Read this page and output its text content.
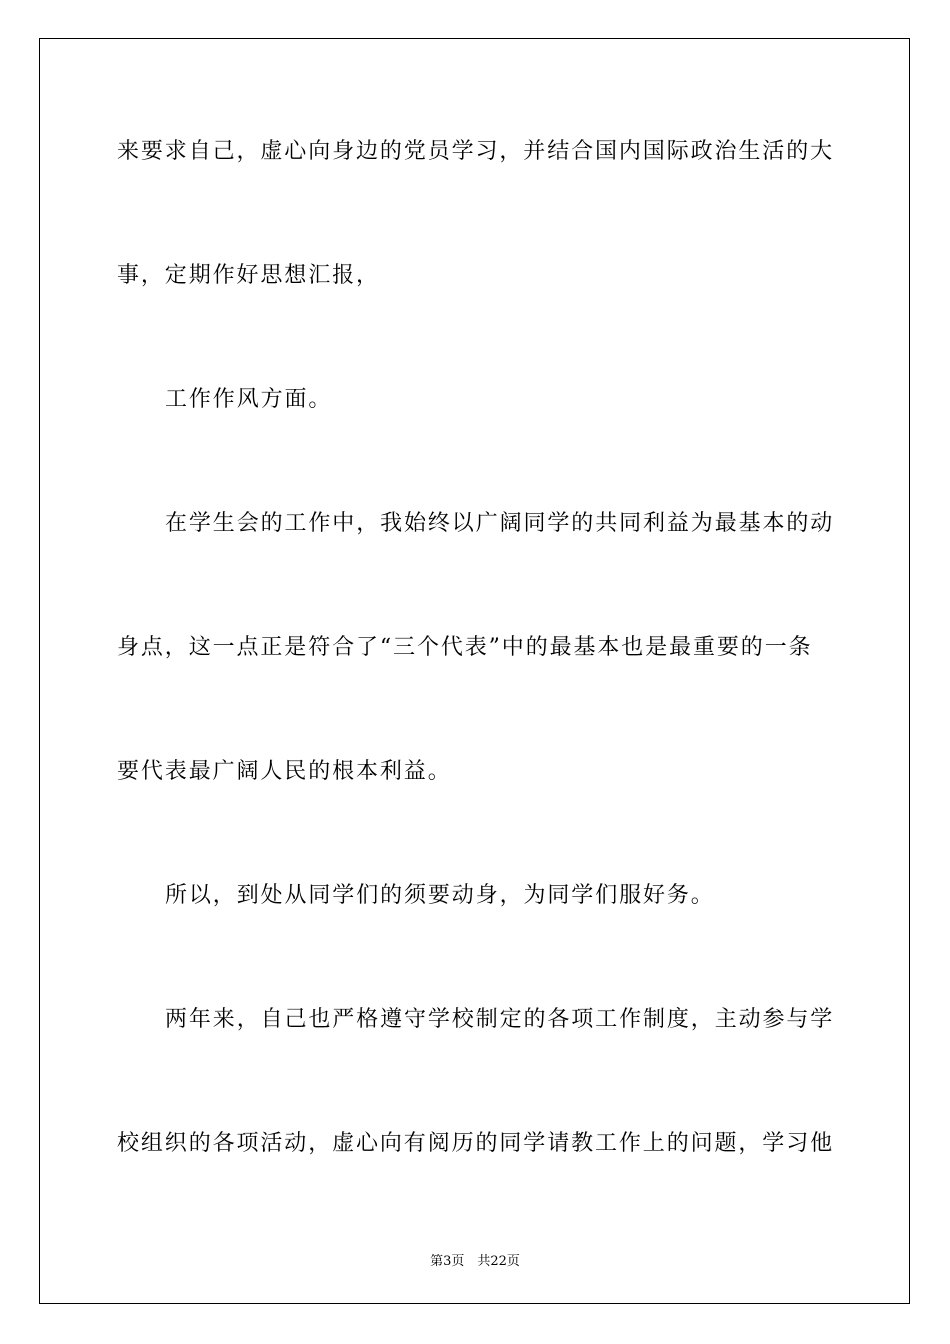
来要求自己，虚心向身边的党员学习，并结合国内国际政治生活的大
事，定期作好思想汇报，
工作作风方面。
在学生会的工作中，我始终以广阔同学的共同利益为最基本的动
身点，这一点正是符合了“三个代表”中的最基本也是最重要的一条
要代表最广阔人民的根本利益。
所以，到处从同学们的须要动身，为同学们服好务。
两年来，自己也严格遵守学校制定的各项工作制度，主动参与学
校组织的各项活动，虚心向有阅历的同学请教工作上的问题，学习他
第3页　共22页
